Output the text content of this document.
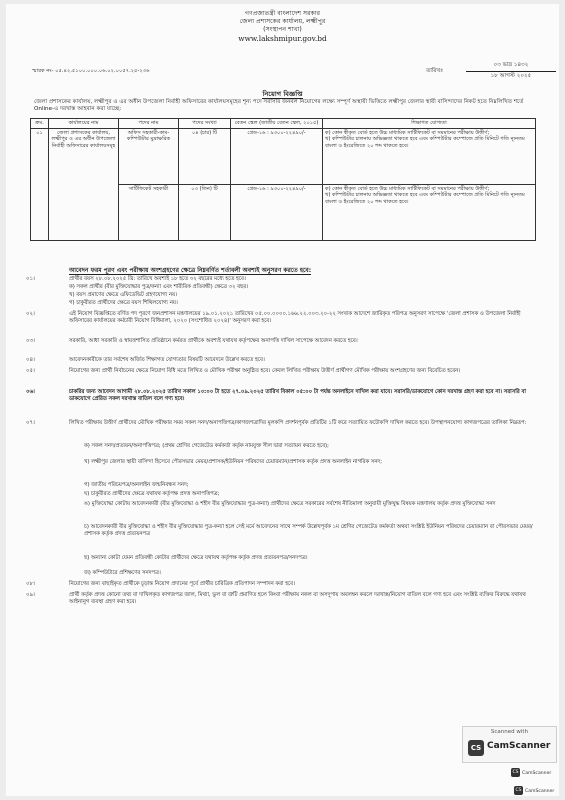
গণপ্রজাতন্ত্রী বাংলাদেশ সরকার
জেলা প্রশাসকের কার্যালয়, লক্ষ্মীপুর
(সংস্থাপন শাখা)
www.lakshmipur.gov.bd
স্মারক নং- ০৫.৪২.৫১০০.০০০.০৬.০২.০০৫৭.২৫-২৩৬	তারিখঃ
০৩ ভাদ্র ১৪৩২
১৮ আগস্ট ২০২৫
নিয়োগ বিজ্ঞপ্তি
জেলা প্রশাসকের কার্যালয়, লক্ষ্মীপুর ও এর অধীন উপজেলা নির্বাহী অফিসারের কার্যালয়সমূহের শূন্য পদে সরাসরি জনবল নিয়োগের লক্ষ্যে সম্পূর্ণ অস্থায়ী ভিত্তিতে লক্ষ্মীপুর জেলার স্থায়ী বাসিন্দাদের নিকট হতে নিম্নলিখিত শর্তে Online-এ দরখাস্ত আহবান করা যাচ্ছে:
ক্রম.	কার্যালয়ের নাম	পদের নাম	পদের সংখ্যা	বেতন স্কেল (জাতীয় বেতন স্কেল, ২০১৫)	শিক্ষাগত যোগ্যতা
০১	জেলা প্রশাসকের কার্যালয়, লক্ষ্মীপুর ও এর অধীন উপজেলা নির্বাহী অফিসারের কার্যালয়সমূহ	অফিস সহকারী-কাম-কম্পিউটার মুদ্রাক্ষরিক	০৪ (চার) টি	গ্রেড-১৬ : ৯৩০০-২২৪৯০/-	ক) কোন স্বীকৃত বোর্ড হতে উচ্চ মাধ্যমিক সার্টিফিকেট বা সমমানের পরীক্ষায় উত্তীর্ণ;
খ) কম্পিউটার চালনায় অভিজ্ঞতা থাকতে হবে এবং কম্পিউটার কম্পোজে প্রতি মিনিটে গতি ন্যূনতম বাংলা ও ইংরেজিতে ২০ শব্দ থাকতে হবে।

		সার্টিফিকেট সহকারী	০৩ (তিন) টি	গ্রেড-১৬ : ৯৩০০-২২৪৯০/-	ক) কোন স্বীকৃত বোর্ড হতে উচ্চ মাধ্যমিক সার্টিফিকেট বা সমমানের পরীক্ষায় উত্তীর্ণ;
খ) কম্পিউটার চালনায় অভিজ্ঞতা থাকতে হবে এবং কম্পিউটার কম্পোজে প্রতি মিনিটে গতি ন্যূনতম বাংলা ও ইংরেজিতে ২০ শব্দ থাকতে হবে।
আবেদন ফরম পূরণ এবং পরীক্ষায় অংশগ্রহণের ক্ষেত্রে নিম্নবর্ণিত শর্তাবলী অবশ্যই অনুসরণ করতে হবে:
০১।	প্রার্থীর বয়স ২৮.০৮.২০২৫ খ্রি: তারিখে অবশ্যই ১৮ হতে ৩২ বছরের মধ্যে হতে হবে।
ক) সকল প্রার্থীর (বীর মুক্তিযোদ্ধার পুত্র/কন্যা এবং শারীরিক প্রতিবন্ধী) ক্ষেত্রে ৩২ বছর।
খ) বয়স প্রমাণের ক্ষেত্রে এফিডেভিট গ্রহণযোগ্য নয়।
গ) চাকুরীরত প্রার্থীদের ক্ষেত্রে বয়স শিথিলযোগ্য নয়।
০২।	এই নিয়োগ বিজ্ঞপ্তিতে বর্ণিত পদ পূরণে জনপ্রশাসন মন্ত্রণালয়ের ১৯.০১.২০২১ তারিখের ০৫.০০.০০০০.১৬৬.২২.০০৩.২০-২২ সংখ্যক আদেশে জারিকৃত পরিপত্র অনুসরণ সাপেক্ষে 'জেলা প্রশাসক ও উপজেলা নির্বাহী অফিসারের কার্যালয়ের কর্মচারী নিয়োগ বিধিমালা, ২০২০ (সংশোধিত ২০২৪)' অনুসরণ করা হবে।
০৩।	সরকারি, আধা সরকারি ও স্বায়ত্তশাসিত প্রতিষ্ঠানে কর্মরত প্রার্থীকে অবশ্যই যথাযথ কর্তৃপক্ষের অনাপত্তি দাখিল সাপেক্ষে আবেদন করতে হবে।
০৪।	আবেদনকারীকে তার সর্বশেষ অর্জিত শিক্ষাগত যোগ্যতার বিষয়টি আবেদনে উল্লেখ করতে হবে।
০৫।	নিয়োগের জন্য প্রার্থী নির্বাচনের ক্ষেত্রে নিয়োগ বিধি মতে লিখিত ও মৌখিক পরীক্ষা অনুষ্ঠিত হবে। কেবল লিখিত পরীক্ষায় উত্তীর্ণ প্রার্থীগণ মৌখিক পরীক্ষায় অংশগ্রহণের জন্য বিবেচিত হবেন।
০৬।	চাকরির জন্য আবেদন আগামী ২৮.০৮.২০২৫ তারিখ সকাল ১০:০০ টা হতে ২৭.০৯.২০২৫ তারিখ বিকাল ০৫:০০ টা পর্যন্ত অনলাইনে দাখিল করা যাবে। সরাসরি/ডাকযোগে কোন দরখাস্ত গ্রহণ করা হবে না। সরাসরি বা ডাকযোগে প্রেরিত সকল দরখাস্ত বাতিল বলে গণ্য হবে।
০৭।	লিখিত পরীক্ষায় উত্তীর্ণ প্রার্থীদের মৌখিক পরীক্ষার সময় সকল সনদ/অনাপত্তিপত্র/কাগজপত্রাদির মূলকপি প্রদর্শনপূর্বক প্রতিটির ১টি করে সত্যায়িত ফটোকপি দাখিল করতে হবে। উপস্থাপনযোগ্য কাগজপত্রের তালিকা নিম্নরূপ:
ক) সকল সনদ/প্রত্যয়ন/অনাপত্তিপত্র; (প্রথম শ্রেণির গেজেটেড কর্মকর্তা কর্তৃক নামযুক্ত সীল দ্বারা সত্যায়ন করতে হবে);
খ) লক্ষ্মীপুর জেলার স্থায়ী বাসিন্দা হিসেবে পৌরসভার মেয়র/প্রশাসক/ইউনিয়ন পরিষদের চেয়ারম্যান/প্রশাসক কর্তৃক প্রদত্ত অনলাইন নাগরিক সনদ;
গ) জাতীয় পরিচয়পত্র/অনলাইন জন্মনিবন্ধন সনদ;
ঘ) চাকুরীরত প্রার্থীদের ক্ষেত্রে যথাযথ কর্তৃপক্ষ প্রদত্ত অনাপত্তিপত্র;
ঙ) মুক্তিযোদ্ধা কোটায় আবেদনকারী (বীর মুক্তিযোদ্ধা ও শহীদ বীর মুক্তিযোদ্ধার পুত্র-কন্যা) প্রার্থীদের ক্ষেত্রে সরকারের সর্বশেষ নীতিমালা অনুযায়ী মুক্তিযুদ্ধ বিষয়ক মন্ত্রণালয় কর্তৃক প্রদত্ত মুক্তিযোদ্ধা সনদ
চ) আবেদনকারী বীর মুক্তিযোদ্ধা ও শহীদ বীর মুক্তিযোদ্ধার পুত্র-কন্যা হলে সেই মর্মে আবেদনের সাথে সম্পর্ক উল্লেখপূর্বক ১ম শ্রেণির গেজেটেড কর্মকর্তা অথবা সংশ্লিষ্ট ইউনিয়ন পরিষদের চেয়ারম্যান বা পৌরসভার মেয়র/প্রশাসক কর্তৃক প্রদত্ত প্রত্যয়নপত্র
ছ) অন্যান্য কোটা যেমন প্রতিবন্ধী কোটার প্রার্থীদের ক্ষেত্রে যথাযথ কর্তৃপক্ষ কর্তৃক প্রদত্ত প্রত্যয়নপত্র/সনদপত্র।
জ) কম্পিউটারে প্রশিক্ষণের সনদপত্র।
০৮।	নিয়োগের জন্য বাছাইকৃত প্রার্থীকে চূড়ান্ত নিয়োগ প্রদানের পূর্বে প্রার্থীর চারিত্রিক প্রতিপাদন সম্পাদন করা হবে।
০৯।	প্রার্থী কর্তৃক প্রদত্ত কোনো তথ্য বা দাখিলকৃত কাগজপত্র জাল, মিথ্যা, ভুল বা ত্রুটি প্রমাণিত হলে কিংবা পরীক্ষায় নকল বা অসদুপায় অবলম্বন করলে দরখাস্ত/নিয়োগ বাতিল বলে গণ্য হবে এবং সংশ্লিষ্ট ব্যক্তির বিরুদ্ধে যথাযথ আইনানুগ ব্যবস্থা গ্রহণ করা হবে।
Scanned with
CS CamScanner
CS CamScanner
CS CamScanner
